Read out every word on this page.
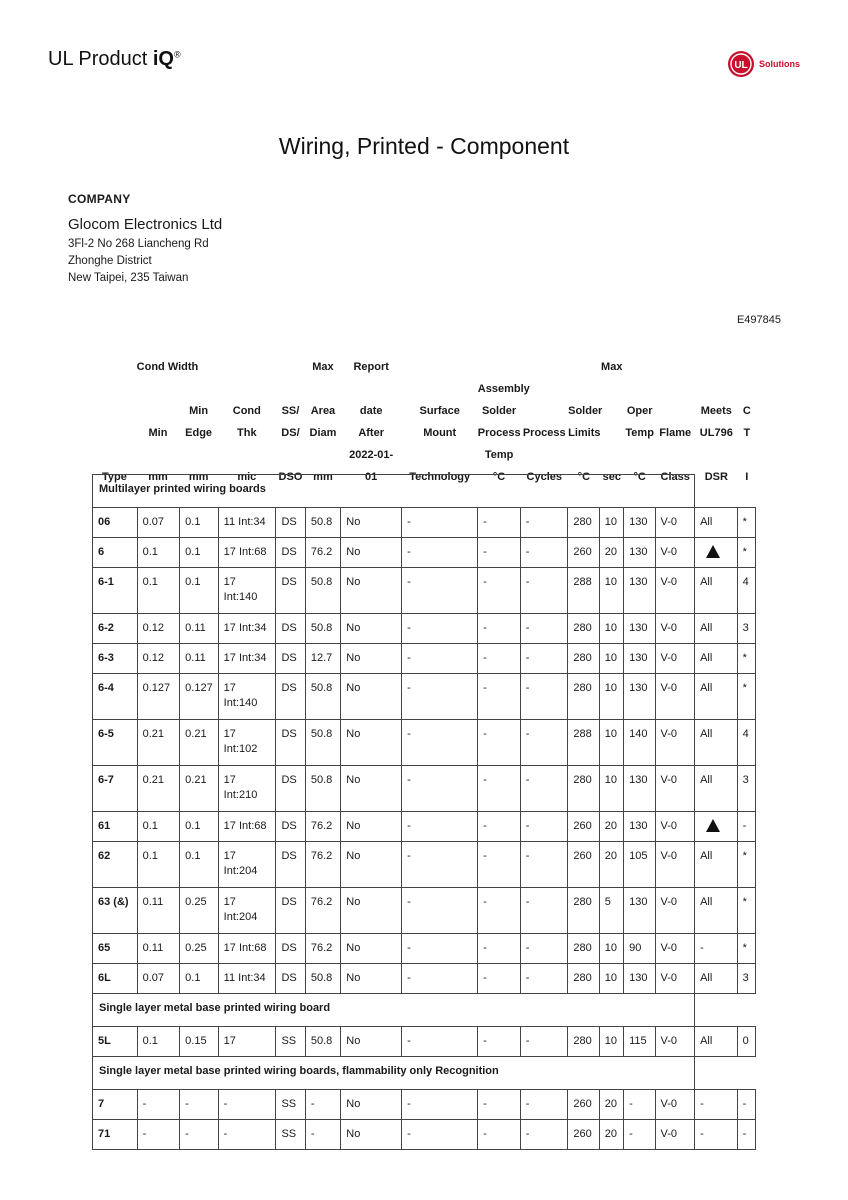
UL Product iQ®
UL Solutions
Wiring, Printed - Component
COMPANY
Glocom Electronics Ltd
3Fl-2 No 268 Liancheng Rd
Zhonghe District
New Taipei, 235 Taiwan
E497845
	Cond Width				Max	Report					Max				
								Assembly							
		Min	Cond	SS/	Area	date	Surface	Solder		Solder		Oper		Meets	C
	Min	Edge	Thk	DS/	Diam	After	Mount	Process	Process	Limits		Temp	Flame	UL796	T
						2022-01-		Temp							
Type	mm	mm	mic	DSO	mm	01	Technology	°C	Cycles	°C	sec	°C	Class	DSR	I
Multilayer printed wiring boards															
06	0.07	0.1	11 Int:34	DS	50.8	No	-	-	-	280	10	130	V-0	All	*
6	0.1	0.1	17 Int:68	DS	76.2	No	-	-	-	260	20	130	V-0		*
6-1	0.1	0.1	17 Int:140	DS	50.8	No	-	-	-	288	10	130	V-0	All	4
6-2	0.12	0.11	17 Int:34	DS	50.8	No	-	-	-	280	10	130	V-0	All	3
6-3	0.12	0.11	17 Int:34	DS	12.7	No	-	-	-	280	10	130	V-0	All	*
6-4	0.127	0.127	17 Int:140	DS	50.8	No	-	-	-	280	10	130	V-0	All	*
6-5	0.21	0.21	17 Int:102	DS	50.8	No	-	-	-	288	10	140	V-0	All	4
6-7	0.21	0.21	17 Int:210	DS	50.8	No	-	-	-	280	10	130	V-0	All	3
61	0.1	0.1	17 Int:68	DS	76.2	No	-	-	-	260	20	130	V-0		-
62	0.1	0.1	17 Int:204	DS	76.2	No	-	-	-	260	20	105	V-0	All	*
63 (&)	0.11	0.25	17 Int:204	DS	76.2	No	-	-	-	280	5	130	V-0	All	*
65	0.11	0.25	17 Int:68	DS	76.2	No	-	-	-	280	10	90	V-0	-	*
6L	0.07	0.1	11 Int:34	DS	50.8	No	-	-	-	280	10	130	V-0	All	3
Single layer metal base printed wiring board															
5L	0.1	0.15	17	SS	50.8	No	-	-	-	280	10	115	V-0	All	0
Single layer metal base printed wiring boards, flammability only Recognition															
7	-	-	-	SS	-	No	-	-	-	260	20	-	V-0	-	-
71	-	-	-	SS	-	No	-	-	-	260	20	-	V-0	-	-
